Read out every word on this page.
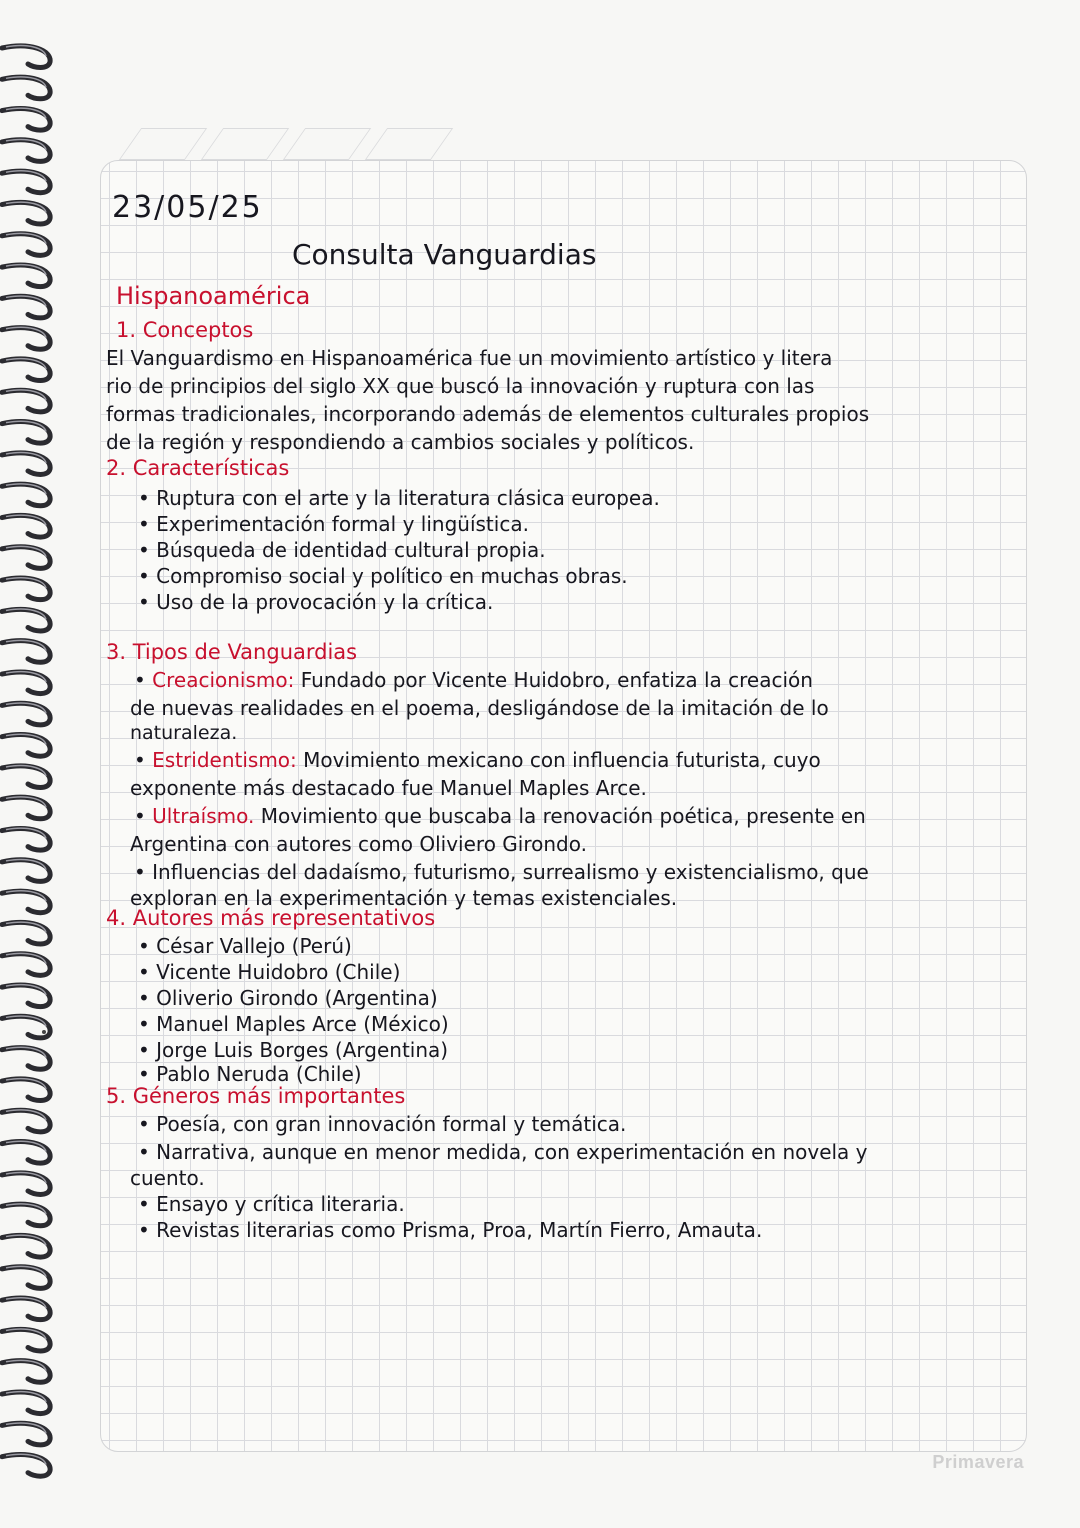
23/05/25
Consulta Vanguardias
Hispanoamérica
1. Conceptos
El Vanguardismo en Hispanoamérica fue un movimiento artístico y litera
rio de principios del siglo XX que buscó la innovación y ruptura con las
formas tradicionales, incorporando además de elementos culturales propios
de la región y respondiendo a cambios sociales y políticos.
2. Características
• Ruptura con el arte y la literatura clásica europea.
• Experimentación formal y lingüística.
• Búsqueda de identidad cultural propia.
• Compromiso social y político en muchas obras.
• Uso de la provocación y la crítica.
3. Tipos de Vanguardias
• Creacionismo: Fundado por Vicente Huidobro, enfatiza la creación
de nuevas realidades en el poema, desligándose de la imitación de lo
naturaleza.
• Estridentismo: Movimiento mexicano con influencia futurista, cuyo
exponente más destacado fue Manuel Maples Arce.
• Ultraísmo. Movimiento que buscaba la renovación poética, presente en
Argentina con autores como Oliviero Girondo.
• Influencias del dadaísmo, futurismo, surrealismo y existencialismo, que
exploran en la experimentación y temas existenciales.
4. Autores más representativos
• César Vallejo (Perú)
• Vicente Huidobro (Chile)
• Oliverio Girondo (Argentina)
• Manuel Maples Arce (México)
• Jorge Luis Borges (Argentina)
• Pablo Neruda (Chile)
5. Géneros más importantes
• Poesía, con gran innovación formal y temática.
• Narrativa, aunque en menor medida, con experimentación en novela y
cuento.
• Ensayo y crítica literaria.
• Revistas literarias como Prisma, Proa, Martín Fierro, Amauta.
Primavera
